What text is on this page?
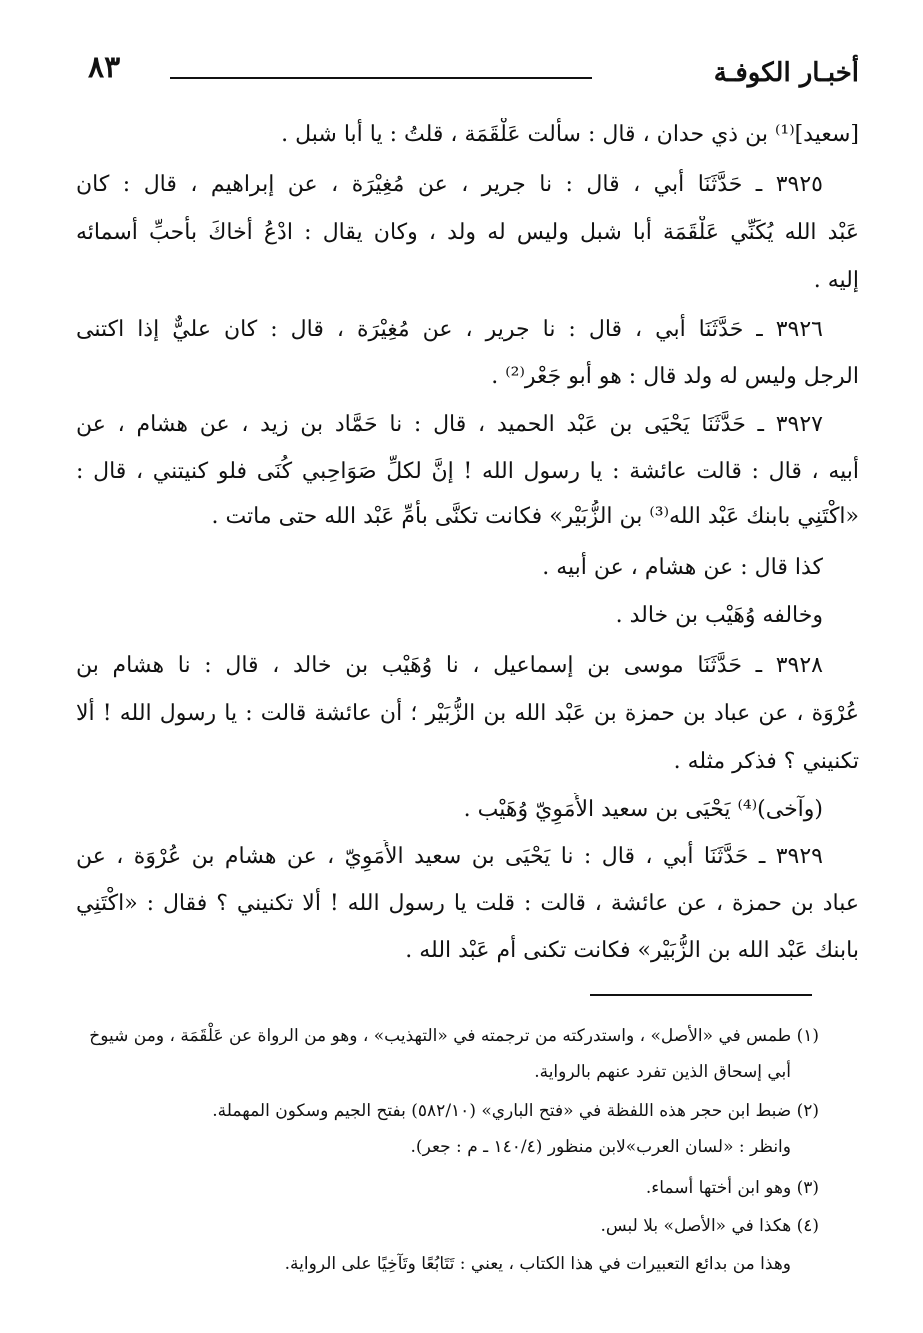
أخبـار الكوفـة
٨٣
[سعيد]⁽¹⁾ بن ذي حدان ، قال : سألت عَلْقَمَة ، قلتُ : يا أبا شبل .
٣٩٢٥ ـ حَدَّثَنَا أبي ، قال : نا جرير ، عن مُغِيْرَة ، عن إبراهيم ، قال : كان
عَبْد الله يُكَنِّي عَلْقَمَة أبا شبل وليس له ولد ، وكان يقال : ادْعُ أخاكَ بأحبِّ أسمائه
إليه .
٣٩٢٦ ـ حَدَّثَنَا أبي ، قال : نا جرير ، عن مُغِيْرَة ، قال : كان عليٌّ إذا اكتنى
الرجل وليس له ولد قال : هو أبو جَعْر⁽²⁾ .
٣٩٢٧ ـ حَدَّثَنَا يَحْيَى بن عَبْد الحميد ، قال : نا حَمَّاد بن زيد ، عن هشام ، عن
أبيه ، قال : قالت عائشة : يا رسول الله ! إنَّ لكلِّ صَوَاحِبي كُنَى فلو كنيتني ، قال :
«اكْتَنِي بابنك عَبْد الله⁽³⁾ بن الزُّبَيْر» فكانت تكنَّى بأمِّ عَبْد الله حتى ماتت .
كذا قال : عن هشام ، عن أبيه .
وخالفه وُهَيْب بن خالد .
٣٩٢٨ ـ حَدَّثَنَا موسى بن إسماعيل ، نا وُهَيْب بن خالد ، قال : نا هشام بن
عُرْوَة ، عن عباد بن حمزة بن عَبْد الله بن الزُّبَيْر ؛ أن عائشة قالت : يا رسول الله ! ألا
تكنيني ؟ فذكر مثله .
(وآخى)⁽⁴⁾ يَحْيَى بن سعيد الأُمَوِيّ وُهَيْب .
٣٩٢٩ ـ حَدَّثَنَا أبي ، قال : نا يَحْيَى بن سعيد الأُمَوِيّ ، عن هشام بن عُرْوَة ، عن
عباد بن حمزة ، عن عائشة ، قالت : قلت يا رسول الله ! ألا تكنيني ؟ فقال : «اكْتَنِي
بابنك عَبْد الله بن الزُّبَيْر» فكانت تكنى أم عَبْد الله .
(١) طمس في «الأصل» ، واستدركته من ترجمته في «التهذيب» ، وهو من الرواة عن عَلْقَمَة ، ومن شيوخ
أبي إسحاق الذين تفرد عنهم بالرواية.
(٢) ضبط ابن حجر هذه اللفظة في «فتح الباري» (٥٨٢/١٠) بفتح الجيم وسكون المهملة.
وانظر : «لسان العرب»لابن منظور (١٤٠/٤ ـ م : جعر).
(٣) وهو ابن أختها أسماء.
(٤) هكذا في «الأصل» بلا لبس.
وهذا من بدائع التعبيرات في هذا الكتاب ، يعني : تَتَابُعًا وتَآخِيًا على الرواية.
